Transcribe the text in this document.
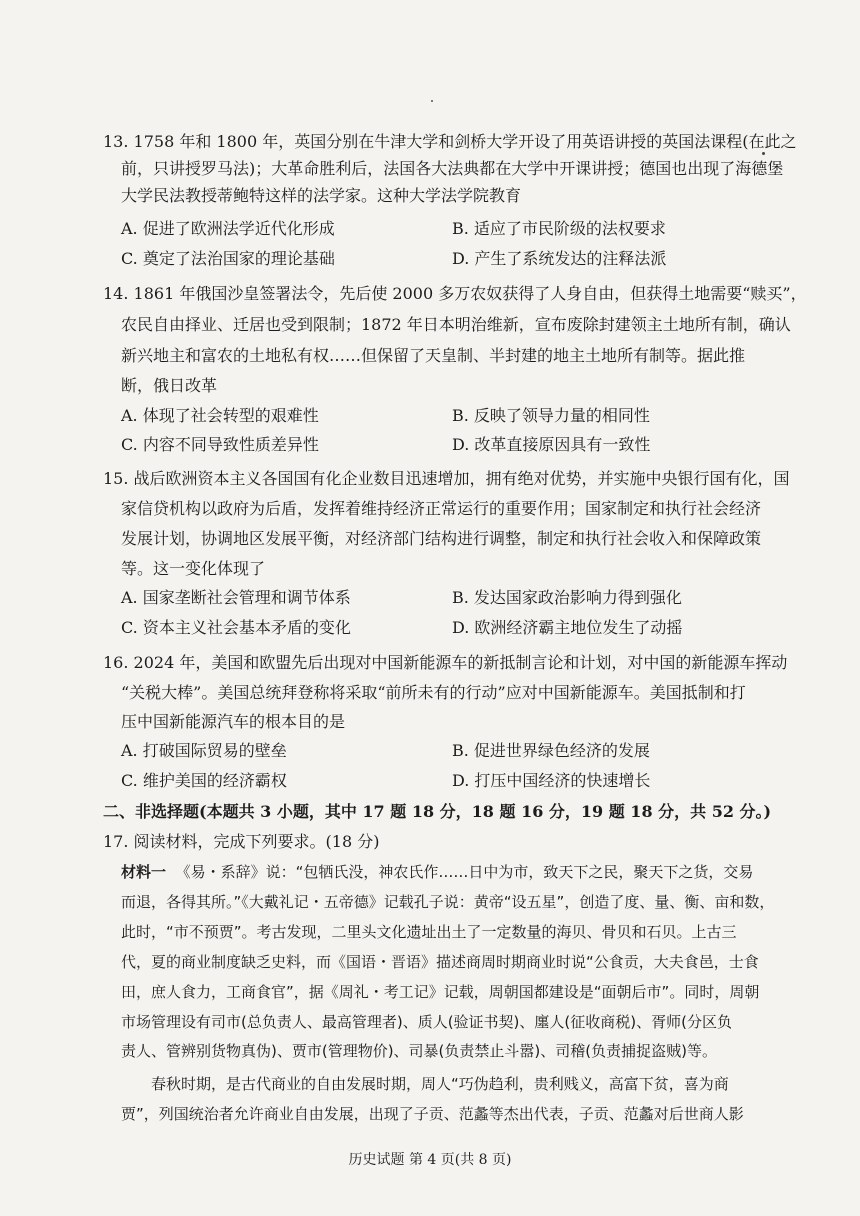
13. 1758 年和 1800 年，英国分别在牛津大学和剑桥大学开设了用英语讲授的英国法课程(在此之
前，只讲授罗马法)；大革命胜利后，法国各大法典都在大学中开课讲授；德国也出现了海德堡
大学民法教授蒂鲍特这样的法学家。这种大学法学院教育
A. 促进了欧洲法学近代化形成	B. 适应了市民阶级的法权要求
C. 奠定了法治国家的理论基础	D. 产生了系统发达的注释法派
14. 1861 年俄国沙皇签署法令，先后使 2000 多万农奴获得了人身自由，但获得土地需要“赎买”，
农民自由择业、迁居也受到限制；1872 年日本明治维新，宣布废除封建领主土地所有制，确认
新兴地主和富农的土地私有权……但保留了天皇制、半封建的地主土地所有制等。据此推
断，俄日改革
A. 体现了社会转型的艰难性	B. 反映了领导力量的相同性
C. 内容不同导致性质差异性	D. 改革直接原因具有一致性
15. 战后欧洲资本主义各国国有化企业数目迅速增加，拥有绝对优势，并实施中央银行国有化，国
家信贷机构以政府为后盾，发挥着维持经济正常运行的重要作用；国家制定和执行社会经济
发展计划，协调地区发展平衡，对经济部门结构进行调整，制定和执行社会收入和保障政策
等。这一变化体现了
A. 国家垄断社会管理和调节体系	B. 发达国家政治影响力得到强化
C. 资本主义社会基本矛盾的变化	D. 欧洲经济霸主地位发生了动摇
16. 2024 年，美国和欧盟先后出现对中国新能源车的新抵制言论和计划，对中国的新能源车挥动
“关税大棒”。美国总统拜登称将采取“前所未有的行动”应对中国新能源车。美国抵制和打
压中国新能源汽车的根本目的是
A. 打破国际贸易的壁垒	B. 促进世界绿色经济的发展
C. 维护美国的经济霸权	D. 打压中国经济的快速增长
二、非选择题(本题共 3 小题，其中 17 题 18 分，18 题 16 分，19 题 18 分，共 52 分。)
17. 阅读材料，完成下列要求。(18 分)
材料一 《易・系辞》说：“包牺氏没，神农氏作……日中为市，致天下之民，聚天下之货，交易
而退，各得其所。”《大戴礼记・五帝德》记载孔子说：黄帝“设五星”，创造了度、量、衡、亩和数，
此时，“市不预贾”。考古发现，二里头文化遗址出土了一定数量的海贝、骨贝和石贝。上古三
代，夏的商业制度缺乏史料，而《国语・晋语》描述商周时期商业时说“公食贡，大夫食邑，士食
田，庶人食力，工商食官”，据《周礼・考工记》记载，周朝国都建设是“面朝后市”。同时，周朝
市场管理设有司市(总负责人、最高管理者)、质人(验证书契)、廛人(征收商税)、胥师(分区负
责人、管辨别货物真伪)、贾市(管理物价)、司暴(负责禁止斗嚣)、司稽(负责捕捉盗贼)等。
春秋时期，是古代商业的自由发展时期，周人“巧伪趋利，贵利贱义，高富下贫，喜为商
贾”，列国统治者允许商业自由发展，出现了子贡、范蠡等杰出代表，子贡、范蠡对后世商人影
历史试题 第 4 页(共 8 页)
